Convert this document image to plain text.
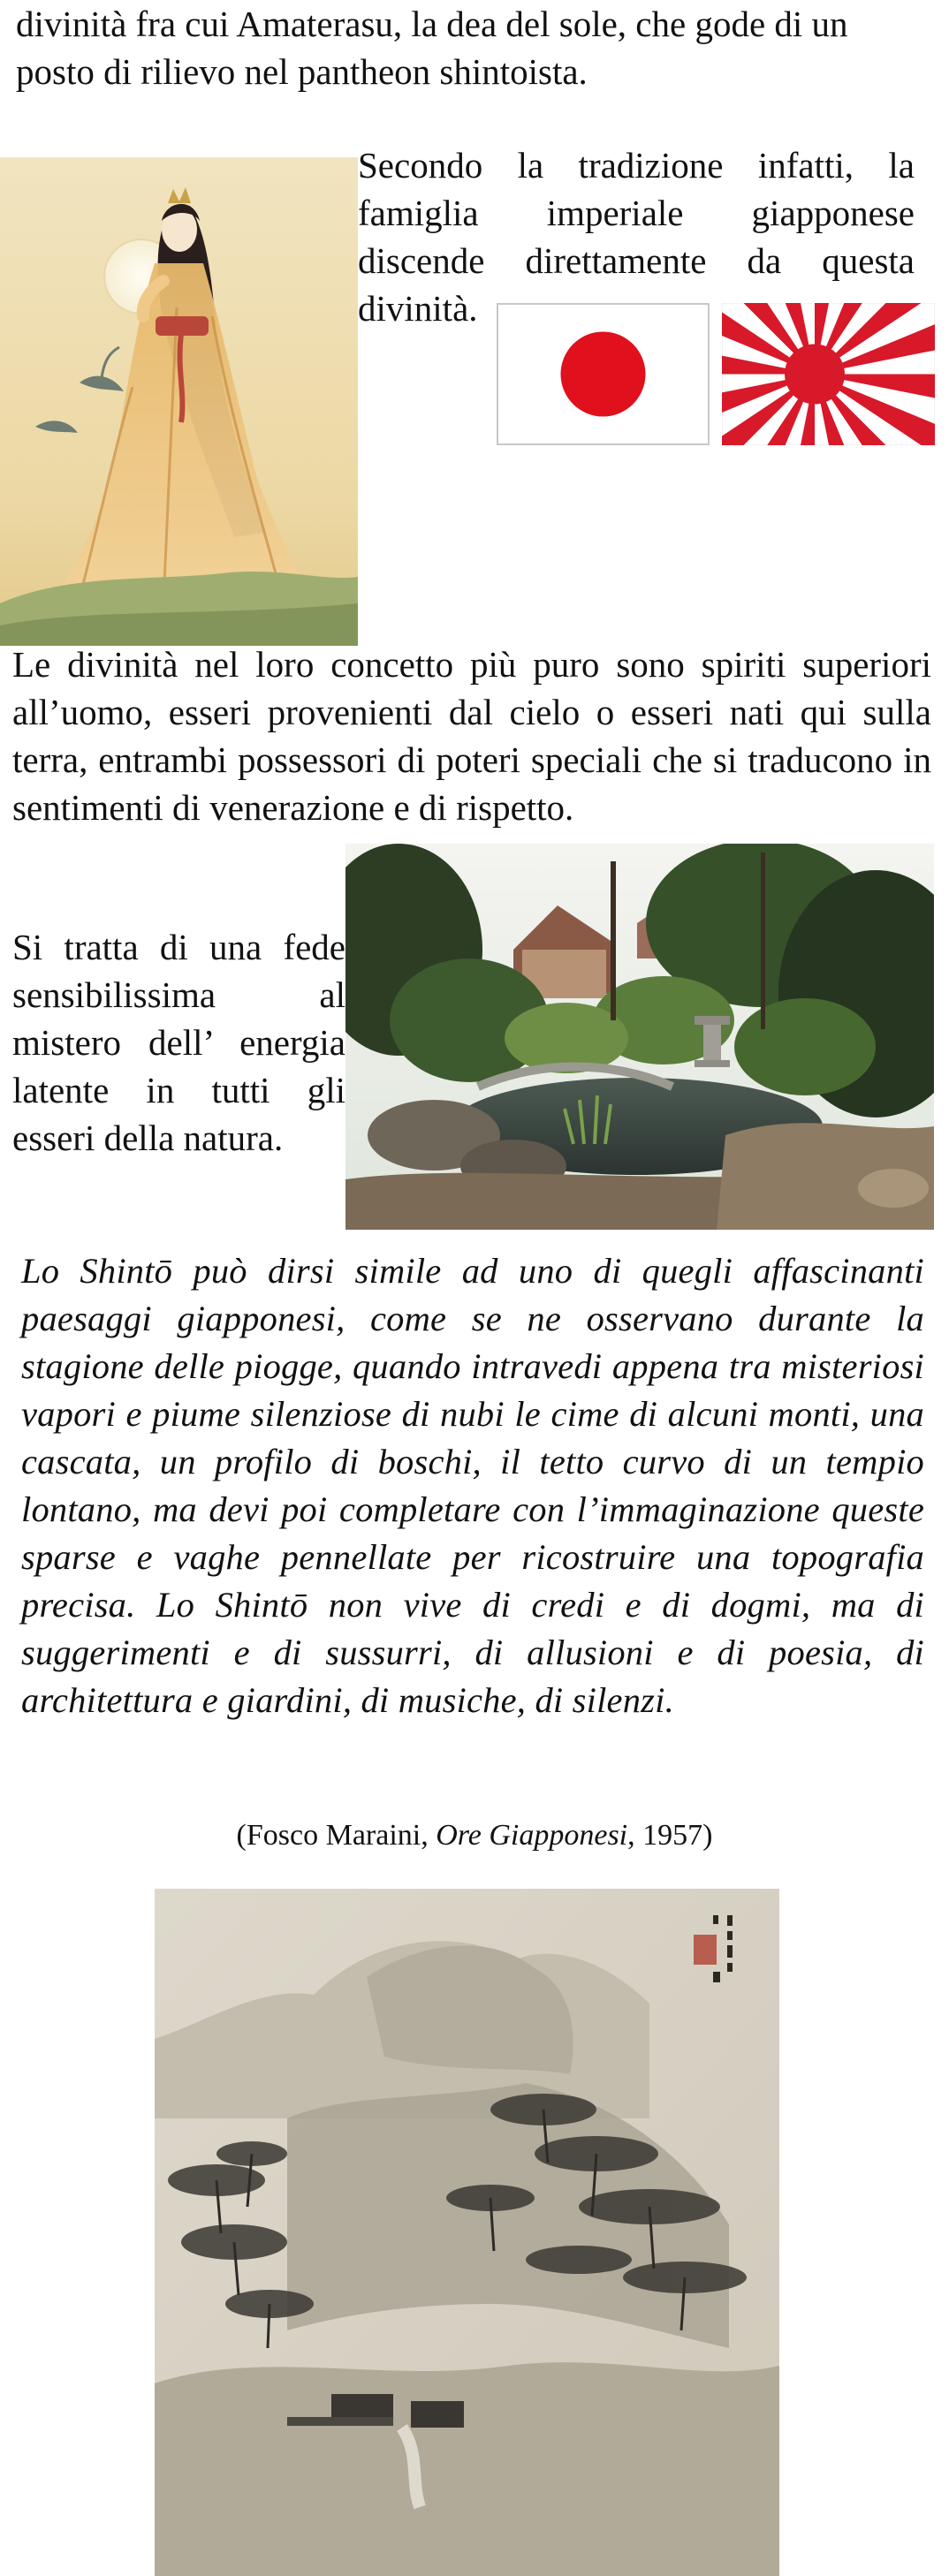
divinità fra cui Amaterasu, la dea del sole, che gode di un posto di rilievo nel pantheon shintoista.
Secondo la tradizione infatti, la famiglia imperiale giapponese discende direttamente da questa divinità.
Le divinità nel loro concetto più puro sono spiriti superiori all’uomo, esseri provenienti dal cielo o esseri nati qui sulla terra, entrambi possessori di poteri speciali che si traducono in sentimenti di venerazione e di rispetto.
Si tratta di una fede sensibilissima al mistero dell’ energia latente in tutti gli esseri della natura.
Lo Shintō può dirsi simile ad uno di quegli affascinanti paesaggi giapponesi, come se ne osservano durante la stagione delle piogge, quando intravedi appena tra misteriosi vapori e piume silenziose di nubi le cime di alcuni monti, una cascata, un profilo di boschi, il tetto curvo di un tempio lontano, ma devi poi completare con l’immaginazione queste sparse e vaghe pennellate per ricostruire una topografia precisa. Lo Shintō non vive di credi e di dogmi, ma di suggerimenti e di sussurri, di allusioni e di poesia, di architettura e giardini, di musiche, di silenzi.
(Fosco Maraini, Ore Giapponesi, 1957)
